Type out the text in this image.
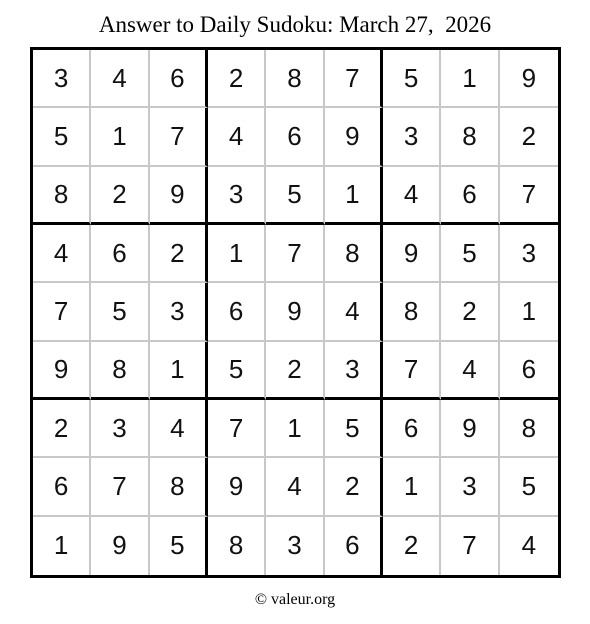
Answer to Daily Sudoku: March 27,  2026
3	4	6	2	8	7	5	1	9
5	1	7	4	6	9	3	8	2
8	2	9	3	5	1	4	6	7
4	6	2	1	7	8	9	5	3
7	5	3	6	9	4	8	2	1
9	8	1	5	2	3	7	4	6
2	3	4	7	1	5	6	9	8
6	7	8	9	4	2	1	3	5
1	9	5	8	3	6	2	7	4
© valeur.org
